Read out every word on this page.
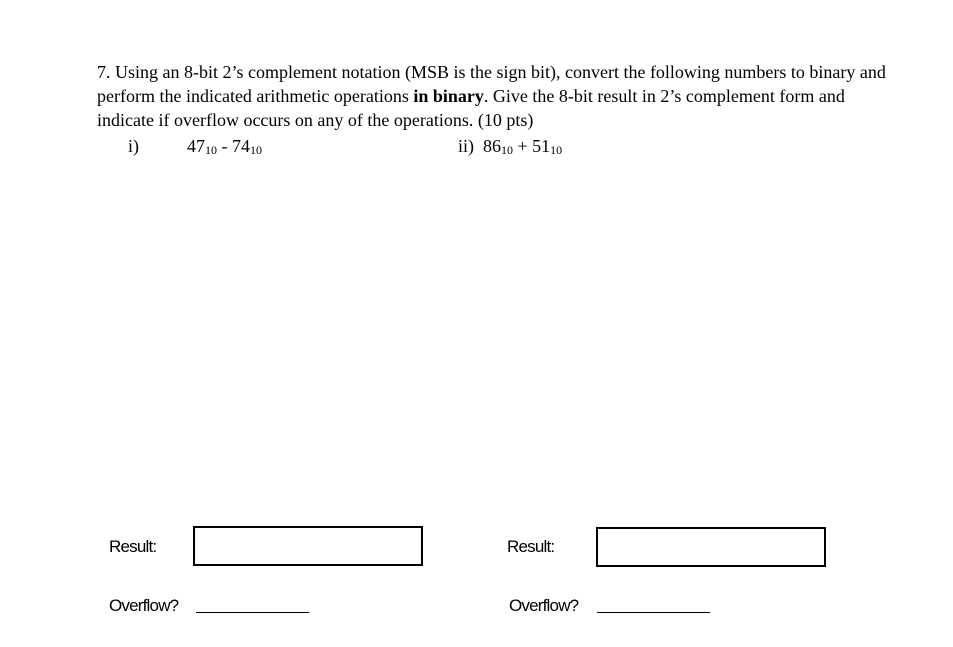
7. Using an 8-bit 2’s complement notation (MSB is the sign bit), convert the following numbers to binary and perform the indicated arithmetic operations in binary. Give the 8-bit result in 2’s complement form and indicate if overflow occurs on any of the operations. (10 pts)

i)	$47_{10} - 74_{10}$	ii) $86_{10} + 51_{10}$
Result:
Overflow?
Result:
Overflow?
